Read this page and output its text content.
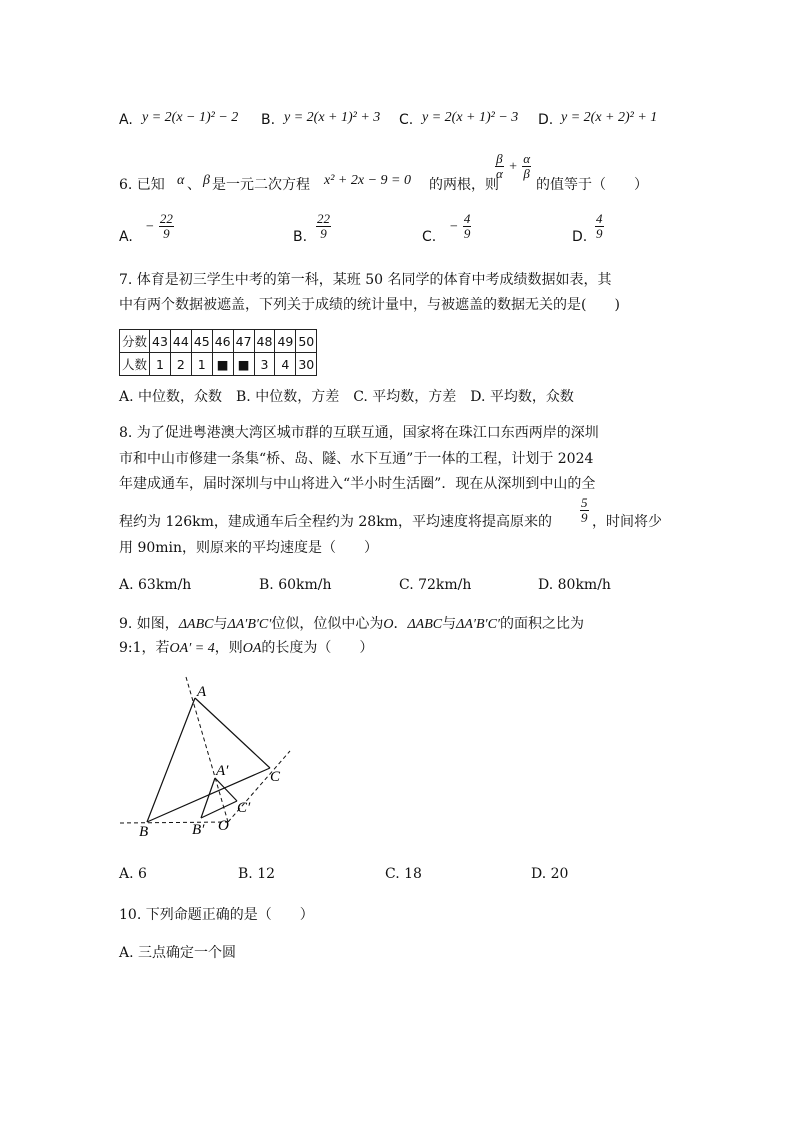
A. y = 2(x − 1)² − 2 B. y = 2(x + 1)² + 3 C. y = 2(x + 1)² − 3 D. y = 2(x + 2)² + 1
6. 已知 α 、 β 是一元二次方程 x² + 2x − 9 = 0 的两根，则
$\frac{\beta}{\alpha} + \frac{\alpha}{\beta}$
的值等于（　　）
A.
− $\frac{22}{9}$	B. $\frac{22}{9}$	C.
− $\frac{4}{9}$	D. $\frac{4}{9}$
7. 体育是初三学生中考的第一科，某班 50 名同学的体育中考成绩数据如表，其
中有两个数据被遮盖，下列关于成绩的统计量中，与被遮盖的数据无关的是(　　)
分数	43	44	45	46	47	48	49	50
人数	1	2	1	■	■	3	4	30
A. 中位数，众数　B. 中位数，方差　C. 平均数，方差　D. 平均数，众数
8. 为了促进粤港澳大湾区城市群的互联互通，国家将在珠江口东西两岸的深圳
市和中山市修建一条集“桥、岛、隧、水下互通”于一体的工程，计划于 2024
年建成通车，届时深圳与中山将进入“半小时生活圈”．现在从深圳到中山的全
程约为 126km，建成通车后全程约为 28km，平均速度将提高原来的 $\frac{5}{9}$ ，时间将少
用 90min，则原来的平均速度是（　　）
A. 63km/h	B. 60km/h	C. 72km/h	D. 80km/h
9. 如图，ΔABC与ΔA′B′C′位似，位似中心为O．ΔABC与ΔA′B′C′的面积之比为
9:1，若OA′ = 4，则OA的长度为（　　）
A
A′
B	B′
C
C′
O
A. 6	B. 12	C. 18	D. 20
10. 下列命题正确的是（　　）
A. 三点确定一个圆
